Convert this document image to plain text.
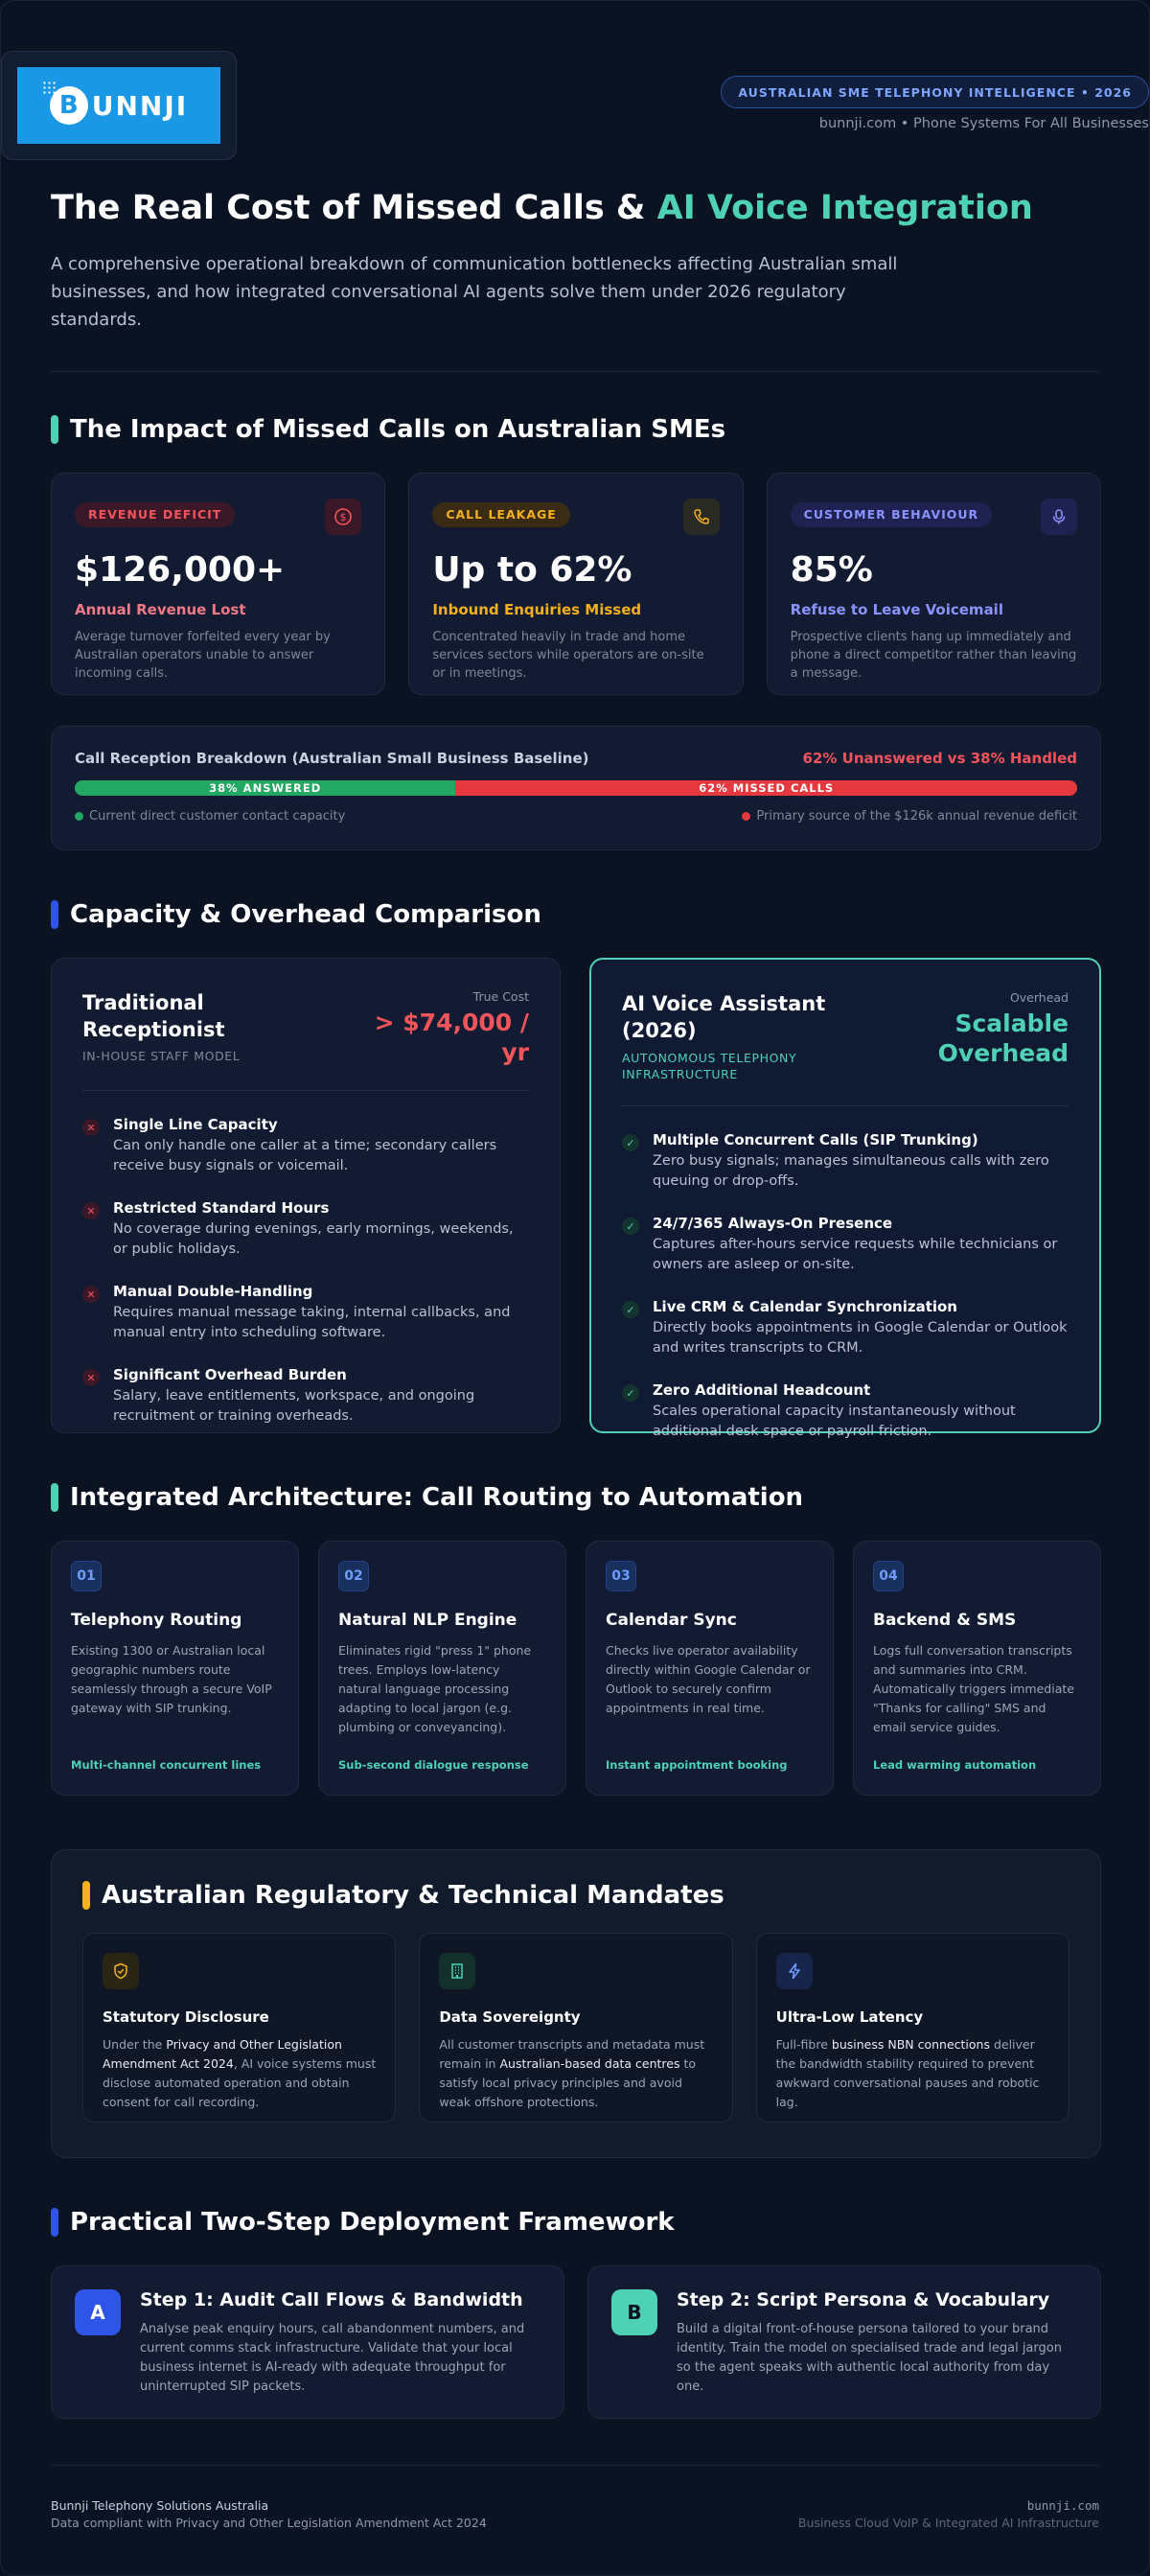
B UNNJI	AUSTRALIAN SME TELEPHONY INTELLIGENCE • 2026
bunnji.com • Phone Systems For All Businesses
The Real Cost of Missed Calls & AI Voice Integration

A comprehensive operational breakdown of communication bottlenecks affecting Australian small businesses, and how integrated conversational AI agents solve them under 2026 regulatory standards.

The Impact of Missed Calls on Australian SMEs
REVENUE DEFICIT	$
$126,000+
Annual Revenue Lost
Average turnover forfeited every year by Australian operators unable to answer incoming calls.
CALL LEAKAGE
Up to 62%
Inbound Enquiries Missed
Concentrated heavily in trade and home services sectors while operators are on-site or in meetings.
CUSTOMER BEHAVIOUR
85%
Refuse to Leave Voicemail
Prospective clients hang up immediately and phone a direct competitor rather than leaving a message.
Call Reception Breakdown (Australian Small Business Baseline)	62% Unanswered vs 38% Handled
38% ANSWERED	62% MISSED CALLS
Current direct customer contact capacity	Primary source of the $126k annual revenue deficit
Capacity & Overhead Comparison
Traditional Receptionist
IN-HOUSE STAFF MODEL
True Cost
> $74,000 / yr
✕ Single Line Capacity
Can only handle one caller at a time; secondary callers receive busy signals or voicemail.
✕ Restricted Standard Hours
No coverage during evenings, early mornings, weekends, or public holidays.
✕ Manual Double-Handling
Requires manual message taking, internal callbacks, and manual entry into scheduling software.
✕ Significant Overhead Burden
Salary, leave entitlements, workspace, and ongoing recruitment or training overheads.
AI Voice Assistant (2026)
AUTONOMOUS TELEPHONY INFRASTRUCTURE
Overhead
Scalable Overhead
✓ Multiple Concurrent Calls (SIP Trunking)
Zero busy signals; manages simultaneous calls with zero queuing or drop-offs.
✓ 24/7/365 Always-On Presence
Captures after-hours service requests while technicians or owners are asleep or on-site.
✓ Live CRM & Calendar Synchronization
Directly books appointments in Google Calendar or Outlook and writes transcripts to CRM.
✓ Zero Additional Headcount
Scales operational capacity instantaneously without additional desk space or payroll friction.
Integrated Architecture: Call Routing to Automation
01
Telephony Routing
Existing 1300 or Australian local geographic numbers route seamlessly through a secure VoIP gateway with SIP trunking.
Multi-channel concurrent lines
02
Natural NLP Engine
Eliminates rigid "press 1" phone trees. Employs low-latency natural language processing adapting to local jargon (e.g. plumbing or conveyancing).
Sub-second dialogue response
03
Calendar Sync
Checks live operator availability directly within Google Calendar or Outlook to securely confirm appointments in real time.
Instant appointment booking
04
Backend & SMS
Logs full conversation transcripts and summaries into CRM. Automatically triggers immediate "Thanks for calling" SMS and email service guides.
Lead warming automation
Australian Regulatory & Technical Mandates
Statutory Disclosure
Under the Privacy and Other Legislation Amendment Act 2024, AI voice systems must disclose automated operation and obtain consent for call recording.
Data Sovereignty
All customer transcripts and metadata must remain in Australian-based data centres to satisfy local privacy principles and avoid weak offshore protections.
Ultra-Low Latency
Full-fibre business NBN connections deliver the bandwidth stability required to prevent awkward conversational pauses and robotic lag.
Practical Two-Step Deployment Framework
A
Step 1: Audit Call Flows & Bandwidth
Analyse peak enquiry hours, call abandonment numbers, and current comms stack infrastructure. Validate that your local business internet is AI-ready with adequate throughput for uninterrupted SIP packets.
B
Step 2: Script Persona & Vocabulary
Build a digital front-of-house persona tailored to your brand identity. Train the model on specialised trade and legal jargon so the agent speaks with authentic local authority from day one.
Bunnji Telephony Solutions Australia
Data compliant with Privacy and Other Legislation Amendment Act 2024
bunnji.com
Business Cloud VoIP & Integrated AI Infrastructure
